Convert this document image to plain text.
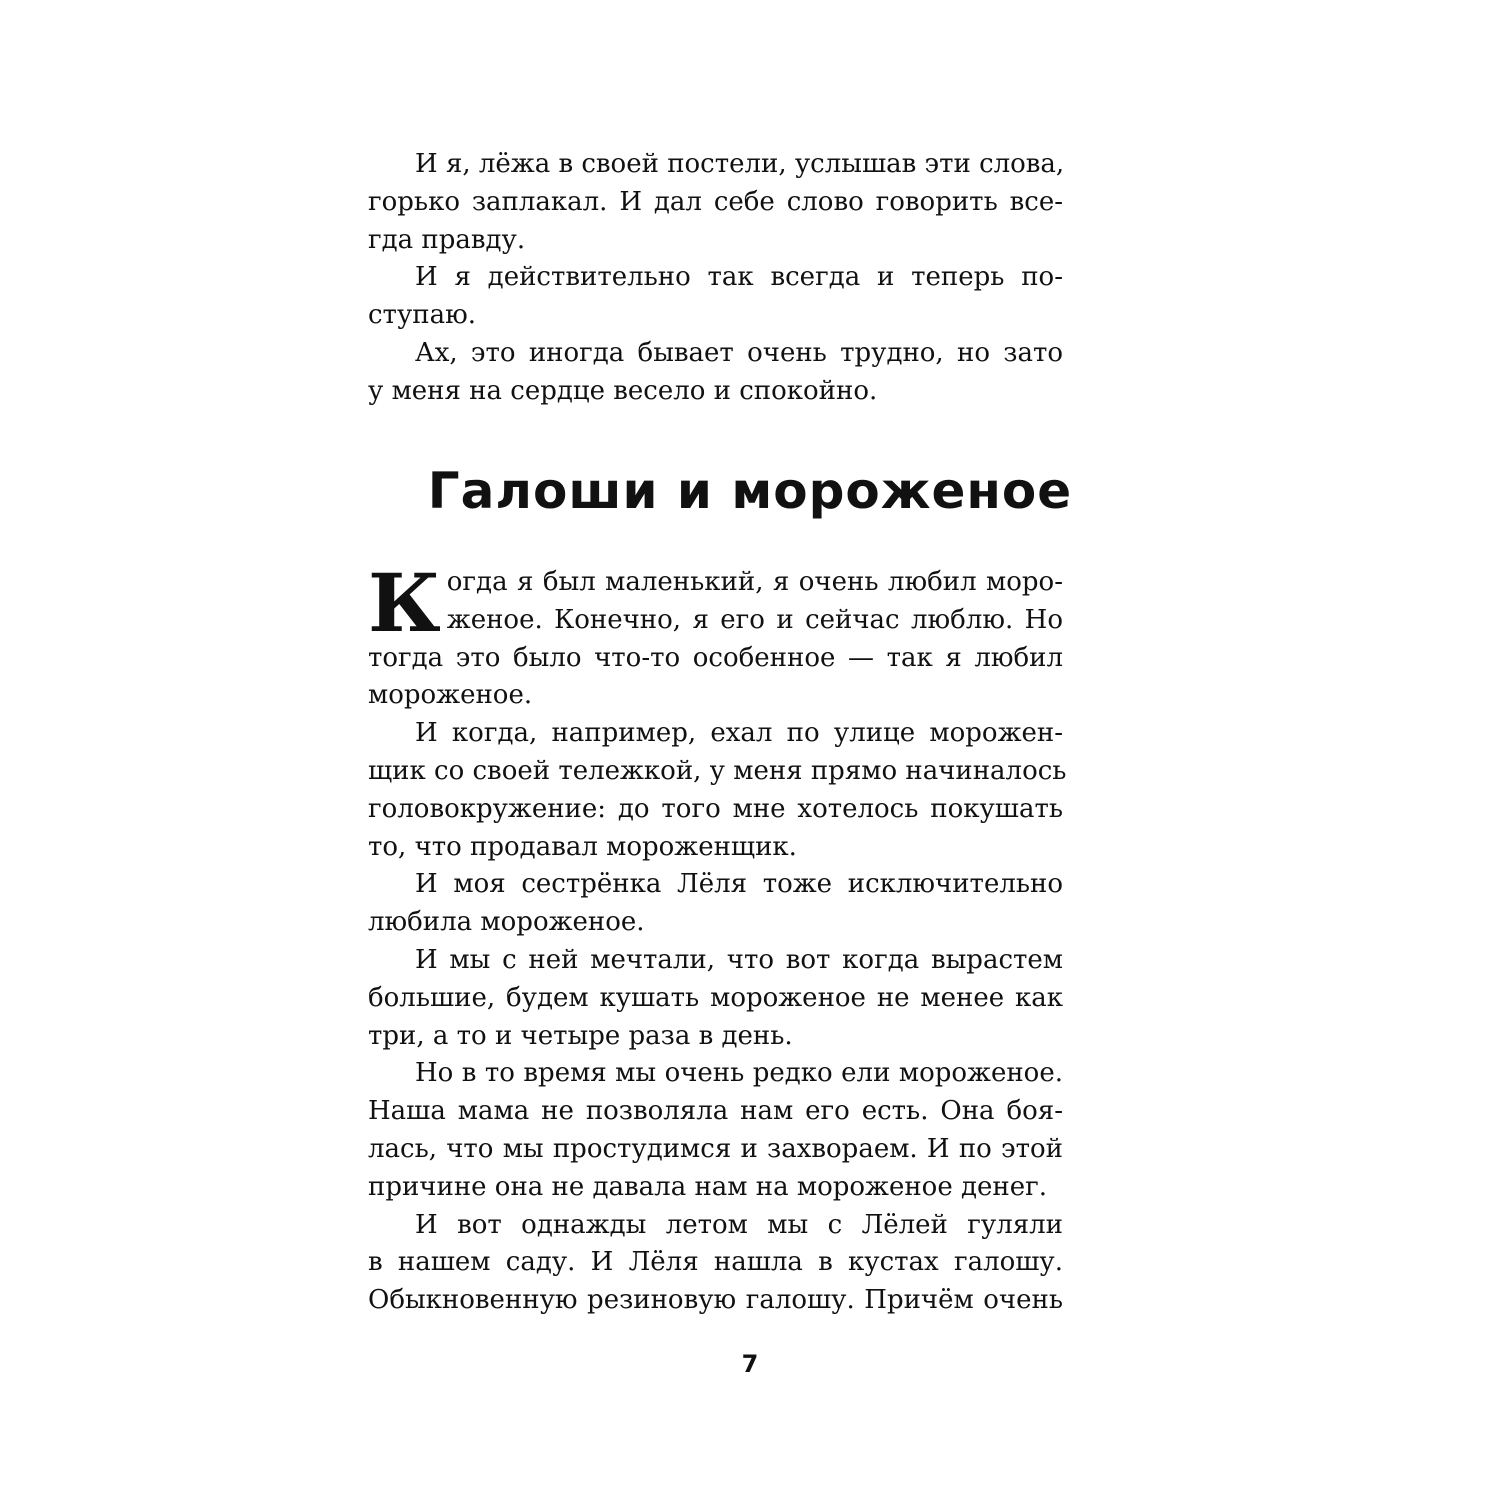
И я, лёжа в своей постели, услышав эти слова,
горько заплакал. И дал себе слово говорить все-
гда правду.
И я действительно так всегда и теперь по-
ступаю.
Ах, это иногда бывает очень трудно, но зато
у меня на сердце весело и спокойно.
Галоши и мороженое
К огда я был маленький, я очень любил моро-
женое. Конечно, я его и сейчас люблю. Но
тогда это было что-то особенное — так я любил
мороженое.
И когда, например, ехал по улице морожен-
щик со своей тележкой, у меня прямо начиналось
головокружение: до того мне хотелось покушать
то, что продавал мороженщик.
И моя сестрёнка Лёля тоже исключительно
любила мороженое.
И мы с ней мечтали, что вот когда вырастем
большие, будем кушать мороженое не менее как
три, а то и четыре раза в день.
Но в то время мы очень редко ели мороженое.
Наша мама не позволяла нам его есть. Она боя-
лась, что мы простудимся и захвораем. И по этой
причине она не давала нам на мороженое денег.
И вот однажды летом мы с Лёлей гуляли
в нашем саду. И Лёля нашла в кустах галошу.
Обыкновенную резиновую галошу. Причём очень
7
